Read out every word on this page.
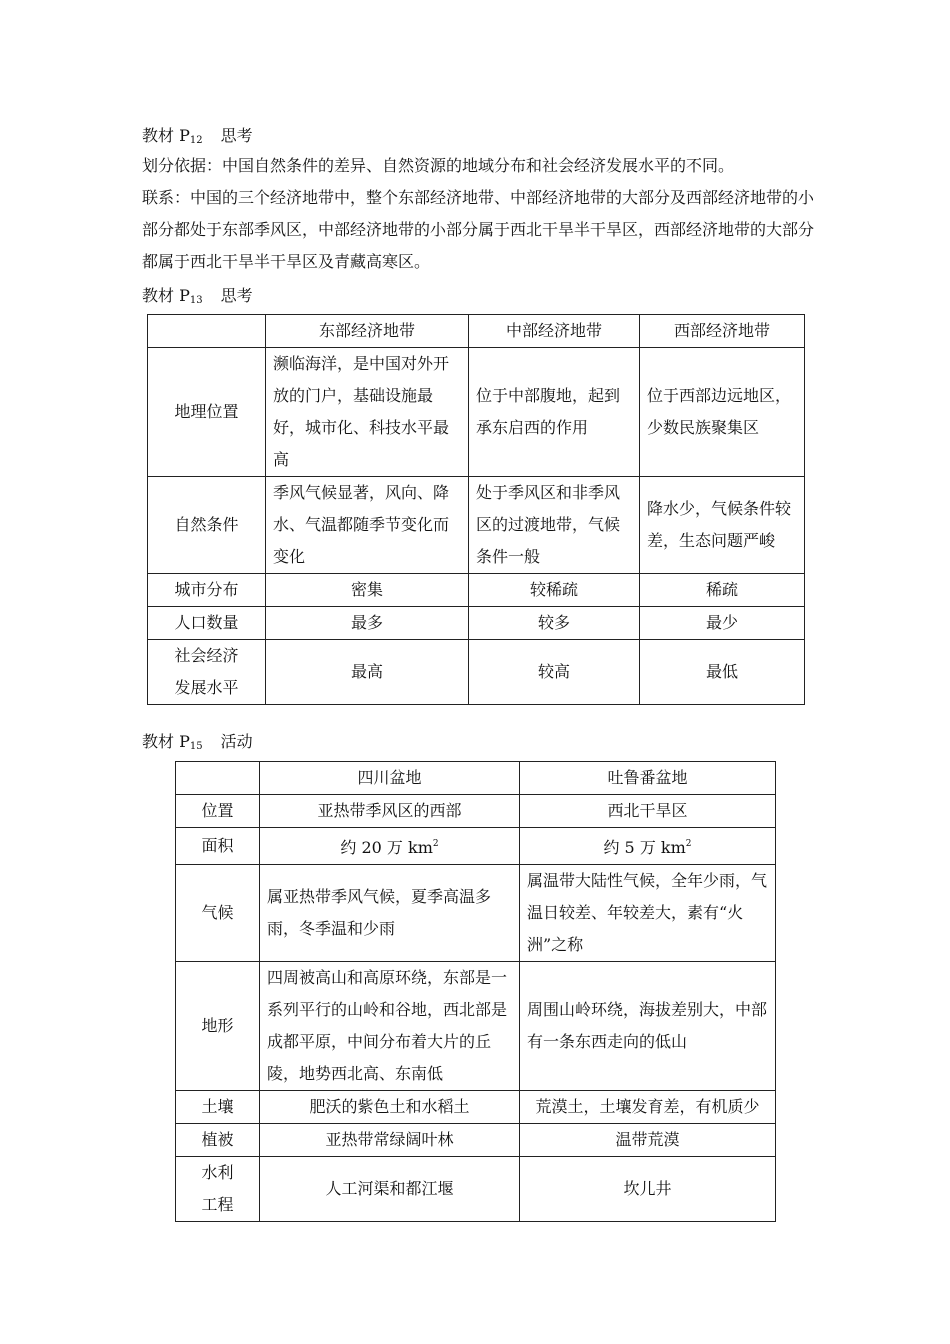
教材 $P_{12}$ 思考
划分依据：中国自然条件的差异、自然资源的地域分布和社会经济发展水平的不同。
联系：中国的三个经济地带中，整个东部经济地带、中部经济地带的大部分及西部经济地带的小部分都处于东部季风区，中部经济地带的小部分属于西北干旱半干旱区，西部经济地带的大部分都属于西北干旱半干旱区及青藏高寒区。
教材 $P_{13}$ 思考
	东部经济地带	中部经济地带	西部经济地带
地理位置	濒临海洋，是中国对外开放的门户，基础设施最好，城市化、科技水平最高	位于中部腹地，起到承东启西的作用	位于西部边远地区，少数民族聚集区
自然条件	季风气候显著，风向、降水、气温都随季节变化而变化	处于季风区和非季风区的过渡地带，气候条件一般	降水少，气候条件较差，生态问题严峻
城市分布	密集	较稀疏	稀疏
人口数量	最多	较多	最少
社会经济发展水平	最高	较高	最低
教材 $P_{15}$ 活动
	四川盆地	吐鲁番盆地
位置	亚热带季风区的西部	西北干旱区
面积	约 20 万 $km^2$	约 5 万 $km^2$
气候	属亚热带季风气候，夏季高温多雨，冬季温和少雨	属温带大陆性气候，全年少雨，气温日较差、年较差大，素有“火洲”之称
地形	四周被高山和高原环绕，东部是一系列平行的山岭和谷地，西北部是成都平原，中间分布着大片的丘陵，地势西北高、东南低	周围山岭环绕，海拔差别大，中部有一条东西走向的低山
土壤	肥沃的紫色土和水稻土	荒漠土，土壤发育差，有机质少
植被	亚热带常绿阔叶林	温带荒漠
水利工程	人工河渠和都江堰	坎儿井
